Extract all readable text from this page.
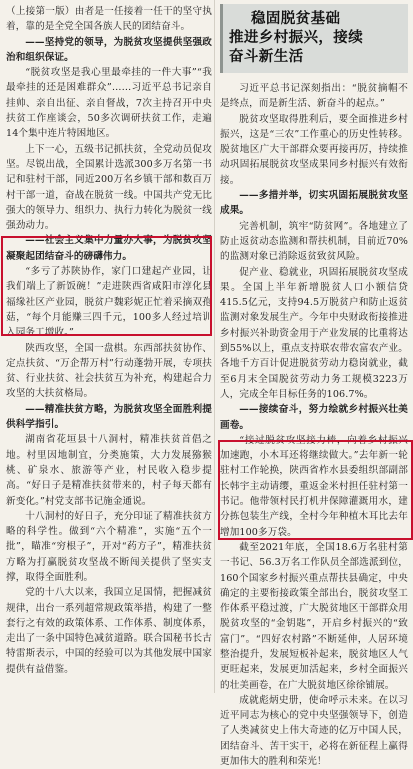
（上接第一版）由者是一任接着一任干的坚守执着，靠的是全党全国各族人民的团结奋斗。

——坚持党的领导，为脱贫攻坚提供坚强政治和组织保证。

“脱贫攻坚是我心里最牵挂的一件大事”“我最牵挂的还是困难群众”……习近平总书记亲自挂帅、亲自出征、亲自督战，7次主持召开中央扶贫工作座谈会，50多次调研扶贫工作，走遍14个集中连片特困地区。

上下一心，五级书记抓扶贫，全党动员促攻坚。尽锐出战，全国累计选派300多万名第一书记和驻村干部，同近200万名乡镇干部和数百万村干部一道，奋战在脱贫一线。中国共产党无比强大的领导力、组织力、执行力转化为脱贫一线强劲动力。

——社会主义集中力量办大事，为脱贫攻坚凝聚起团结奋斗的磅礴伟力。

“多亏了苏陕协作，家门口建起产业园，让我们端上了新饭碗！”走进陕西省咸阳市淳化县福缘社区产业园，脱贫户魏彩妮正忙着采摘双孢菇，“每个月能赚三四千元，100多人经过培训入园务工增收。”

陕西攻坚，全国一盘棋。东西部扶贫协作、定点扶贫、“万企帮万村”行动蓬勃开展，专项扶贫、行业扶贫、社会扶贫互为补充，构建起合力攻坚的大扶贫格局。

——精准扶贫方略，为脱贫攻坚全面胜利提供科学指引。

湖南省花垣县十八洞村，精准扶贫首倡之地。村里因地制宜，分类施策，大力发展猕猴桃、矿泉水、旅游等产业，村民收入稳步提高。“好日子是精准扶贫带来的，村子每天都有新变化。”村党支部书记施金通说。

十八洞村的好日子，充分印证了精准扶贫方略的科学性。做到“六个精准”，实施“五个一批”，瞄准“穷根子”，开对“药方子”，精准扶贫方略为打赢脱贫攻坚战不断闯关提供了坚实支撑，取得全面胜利。

党的十八大以来，我国立足国情，把握减贫规律，出台一系列超常规政策举措，构建了一整套行之有效的政策体系、工作体系、制度体系，走出了一条中国特色减贫道路。联合国秘书长古特雷斯表示，中国的经验可以为其他发展中国家提供有益借鉴。

稳固脱贫基础
推进乡村振兴，接续
奋斗新生活

习近平总书记深刻指出：“脱贫摘帽不是终点，而是新生活、新奋斗的起点。”

脱贫攻坚取得胜利后，要全面推进乡村振兴，这是“三农”工作重心的历史性转移。脱贫地区广大干部群众要再接再厉，持续推动巩固拓展脱贫攻坚成果同乡村振兴有效衔接。

——多措并举，切实巩固拓展脱贫攻坚成果。

完善机制，筑牢“防贫网”。各地建立了防止返贫动态监测和帮扶机制，目前近70%的监测对象已消除返贫致贫风险。

促产业、稳就业，巩固拓展脱贫攻坚成果。全国上半年新增脱贫人口小额信贷415.5亿元，支持94.5万脱贫户和防止返贫监测对象发展生产。今年中央财政衔接推进乡村振兴补助资金用于产业发展的比重将达到55%以上，重点支持联农带农富农产业。各地千方百计促进脱贫劳动力稳岗就业，截至6月末全国脱贫劳动力务工规模3223万人，完成全年目标任务的106.7%。

——接续奋斗，努力绘就乡村振兴壮美画卷。

“接过脱贫攻坚接力棒，向着乡村振兴加速跑，小木耳还将继续做大。”去年新一轮驻村工作轮换，陕西省柞水县委组织部副部长韩宇主动请缨，重返金米村担任驻村第一书记。他带领村民打机井保障灌溉用水，建分拣包装生产线，全村今年种植木耳比去年增加100多万袋。

截至2021年底，全国18.6万名驻村第一书记、56.3万名工作队员全部选派到位，160个国家乡村振兴重点帮扶县确定，中央确定的主要衔接政策全部出台，脱贫攻坚工作体系平稳过渡，广大脱贫地区干部群众用脱贫攻坚的“金钥匙”，开启乡村振兴的“致富门”。“四好农村路”不断延伸，人居环境整治提升，发展短板补起来，脱贫地区人气更旺起来，发展更加活起来，乡村全面振兴的壮美画卷，在广大脱贫地区徐徐铺展。

成就彪炳史册，使命呼示未来。在以习近平同志为核心的党中央坚强领导下，创造了人类减贫史上伟大奇迹的亿万中国人民，团结奋斗、苦干实干，必将在新征程上赢得更加伟大的胜利和荣光！
